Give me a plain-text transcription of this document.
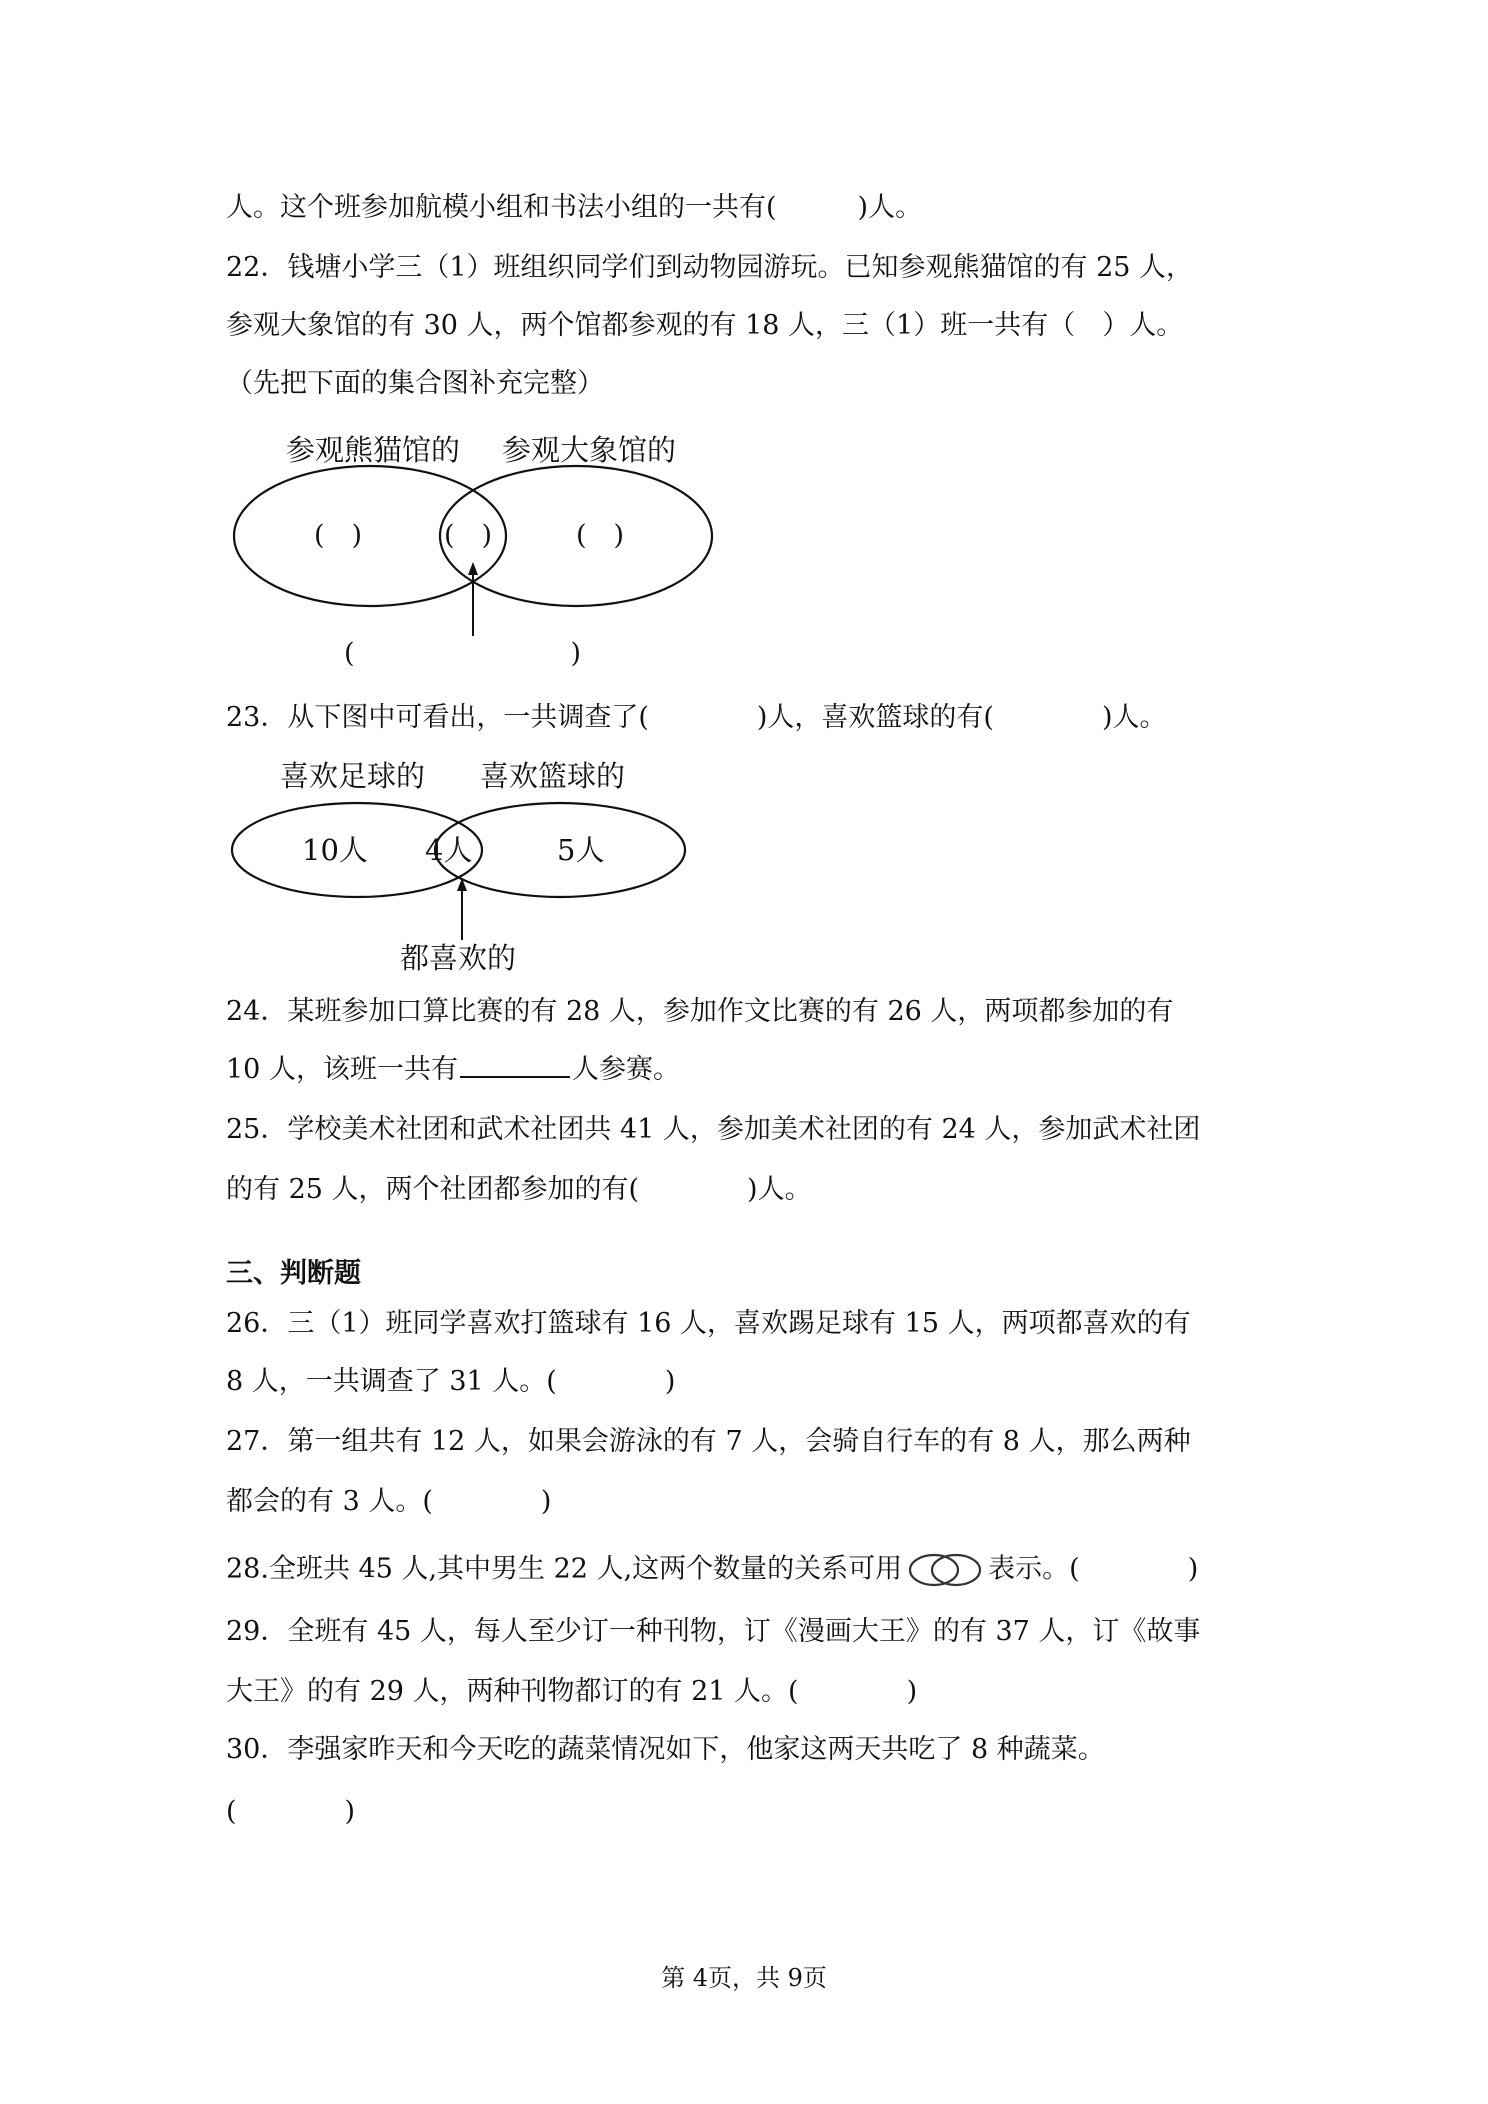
人。这个班参加航模小组和书法小组的一共有(　　　)人。
22．钱塘小学三（1）班组织同学们到动物园游玩。已知参观熊猫馆的有 25 人，
参观大象馆的有 30 人，两个馆都参观的有 18 人，三（1）班一共有（　）人。
（先把下面的集合图补充完整）
参观熊猫馆的 参观大象馆的
(　)	(　)	(　)
(　　　　　　　　)
23．从下图中可看出，一共调查了(　　　　)人，喜欢篮球的有(　　　　)人。
喜欢足球的 喜欢篮球的
10人 4人	5人
都喜欢的
24．某班参加口算比赛的有 28 人，参加作文比赛的有 26 人，两项都参加的有
10 人，该班一共有	人参赛。
25．学校美术社团和武术社团共 41 人，参加美术社团的有 24 人，参加武术社团
的有 25 人，两个社团都参加的有(　　　　)人。
三、判断题
26．三（1）班同学喜欢打篮球有 16 人，喜欢踢足球有 15 人，两项都喜欢的有
8 人，一共调查了 31 人。(　　　　)
27．第一组共有 12 人，如果会游泳的有 7 人，会骑自行车的有 8 人，那么两种
都会的有 3 人。(　　　　)
28.全班共 45 人,其中男生 22 人,这两个数量的关系可用	表示。(　　　　)
29．全班有 45 人，每人至少订一种刊物，订《漫画大王》的有 37 人，订《故事
大王》的有 29 人，两种刊物都订的有 21 人。(　　　　)
30．李强家昨天和今天吃的蔬菜情况如下，他家这两天共吃了 8 种蔬菜。
(　　　　)
第 4页，共 9页
